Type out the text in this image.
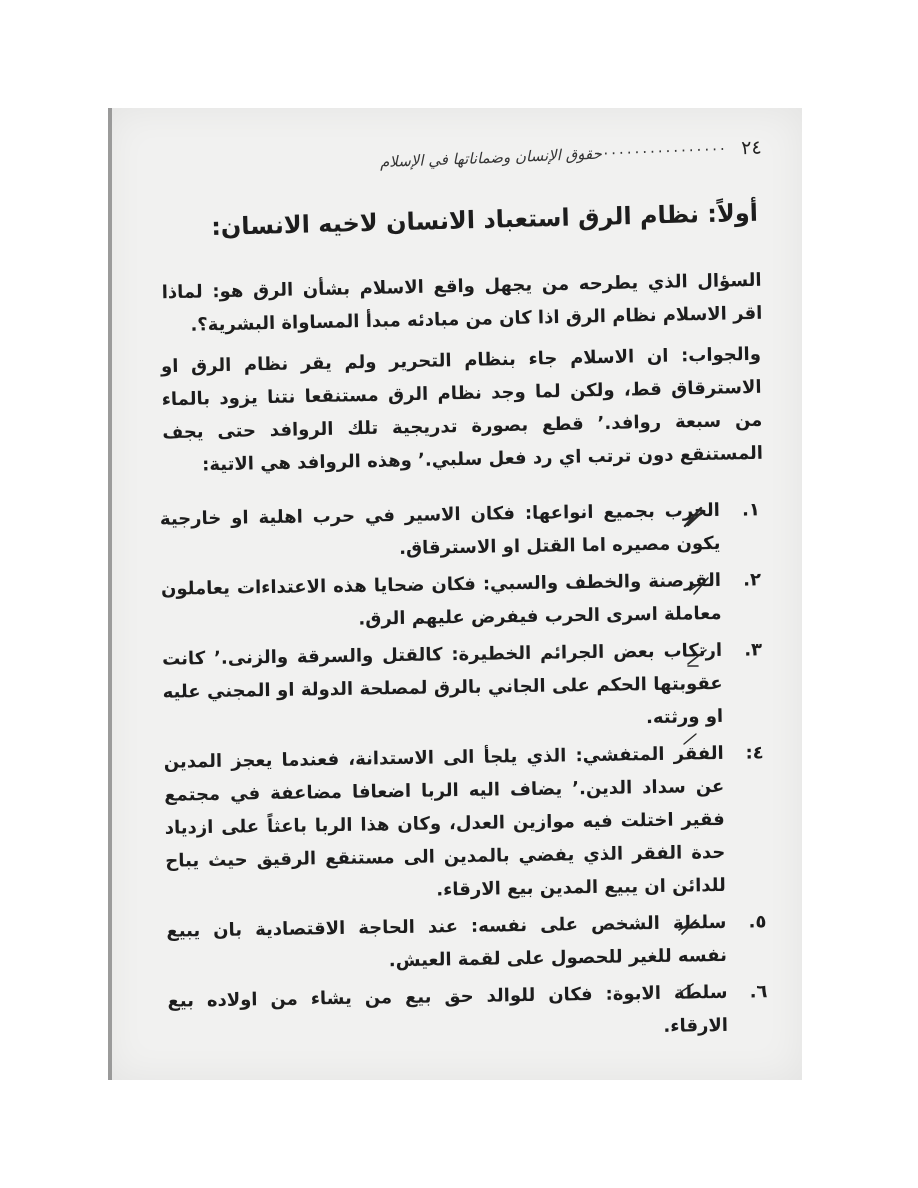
٢٤
...................
حقوق الإنسان وضماناتها في الإسلام
أولاً: نظام الرق استعباد الانسان لاخيه الانسان:
السؤال الذي يطرحه من يجهل واقع الاسلام بشأن الرق هو: لماذا اقر الاسلام نظام الرق اذا كان من مبادئه مبدأ المساواة البشرية؟.
والجواب: ان الاسلام جاء بنظام التحرير ولم يقر نظام الرق او الاسترقاق قط، ولكن لما وجد نظام الرق مستنقعا نتنا يزود بالماء من سبعة روافد.٬ قطع بصورة تدريجية تلك الروافد حتى يجف المستنقع دون ترتب اي رد فعل سلبي.٬ وهذه الروافد هي الاتية:
١.
الحرب بجميع انواعها: فكان الاسير في حرب اهلية او خارجية يكون مصيره اما القتل او الاسترقاق.
٢.
القرصنة والخطف والسبي: فكان ضحايا هذه الاعتداءات يعاملون معاملة اسرى الحرب فيفرض عليهم الرق.
٣.
ارتكاب بعض الجرائم الخطيرة: كالقتل والسرقة والزنى.٬ كانت عقوبتها الحكم على الجاني بالرق لمصلحة الدولة او المجني عليه او ورثته.
٤:
الفقر المتفشي: الذي يلجأ الى الاستدانة، فعندما يعجز المدين عن سداد الدين.٬ يضاف اليه الربا اضعافا مضاعفة في مجتمع فقير اختلت فيه موازين العدل، وكان هذا الربا باعثاً على ازدياد حدة الفقر الذي يفضي بالمدين الى مستنقع الرقيق حيث يباح للدائن ان يبيع المدين بيع الارقاء.
٥.
سلطة الشخص على نفسه: عند الحاجة الاقتصادية بان يبيع نفسه للغير للحصول على لقمة العيش.
٦.
سلطة الابوة: فكان للوالد حق بيع من يشاء من اولاده بيع الارقاء.
